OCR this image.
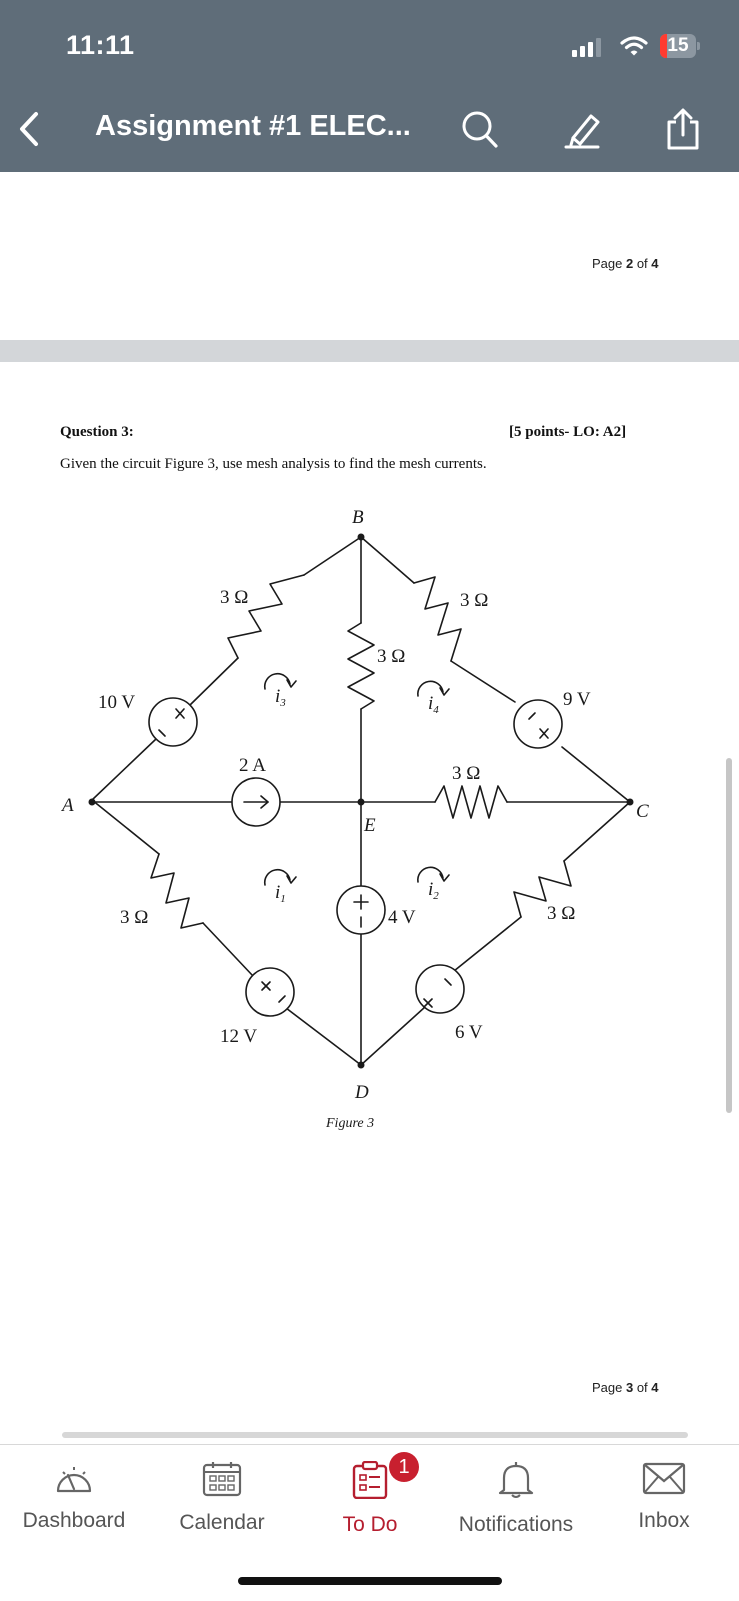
11:11	15
Assignment #1 ELEC...
Page 2 of 4
Question 3:	[5 points- LO: A2]
Given the circuit Figure 3, use mesh analysis to find the mesh currents.
B
A	C
D
E
3 Ω	3 Ω
3 Ω
3 Ω
3 Ω	3 Ω
10 V	9 V
12 V	6 V
4 V
2 A
$i_3$	$i_4$
$i_1$	$i_2$
Figure 3
Page 3 of 4
Dashboard	Calendar	To Do	Notifications	Inbox
1
